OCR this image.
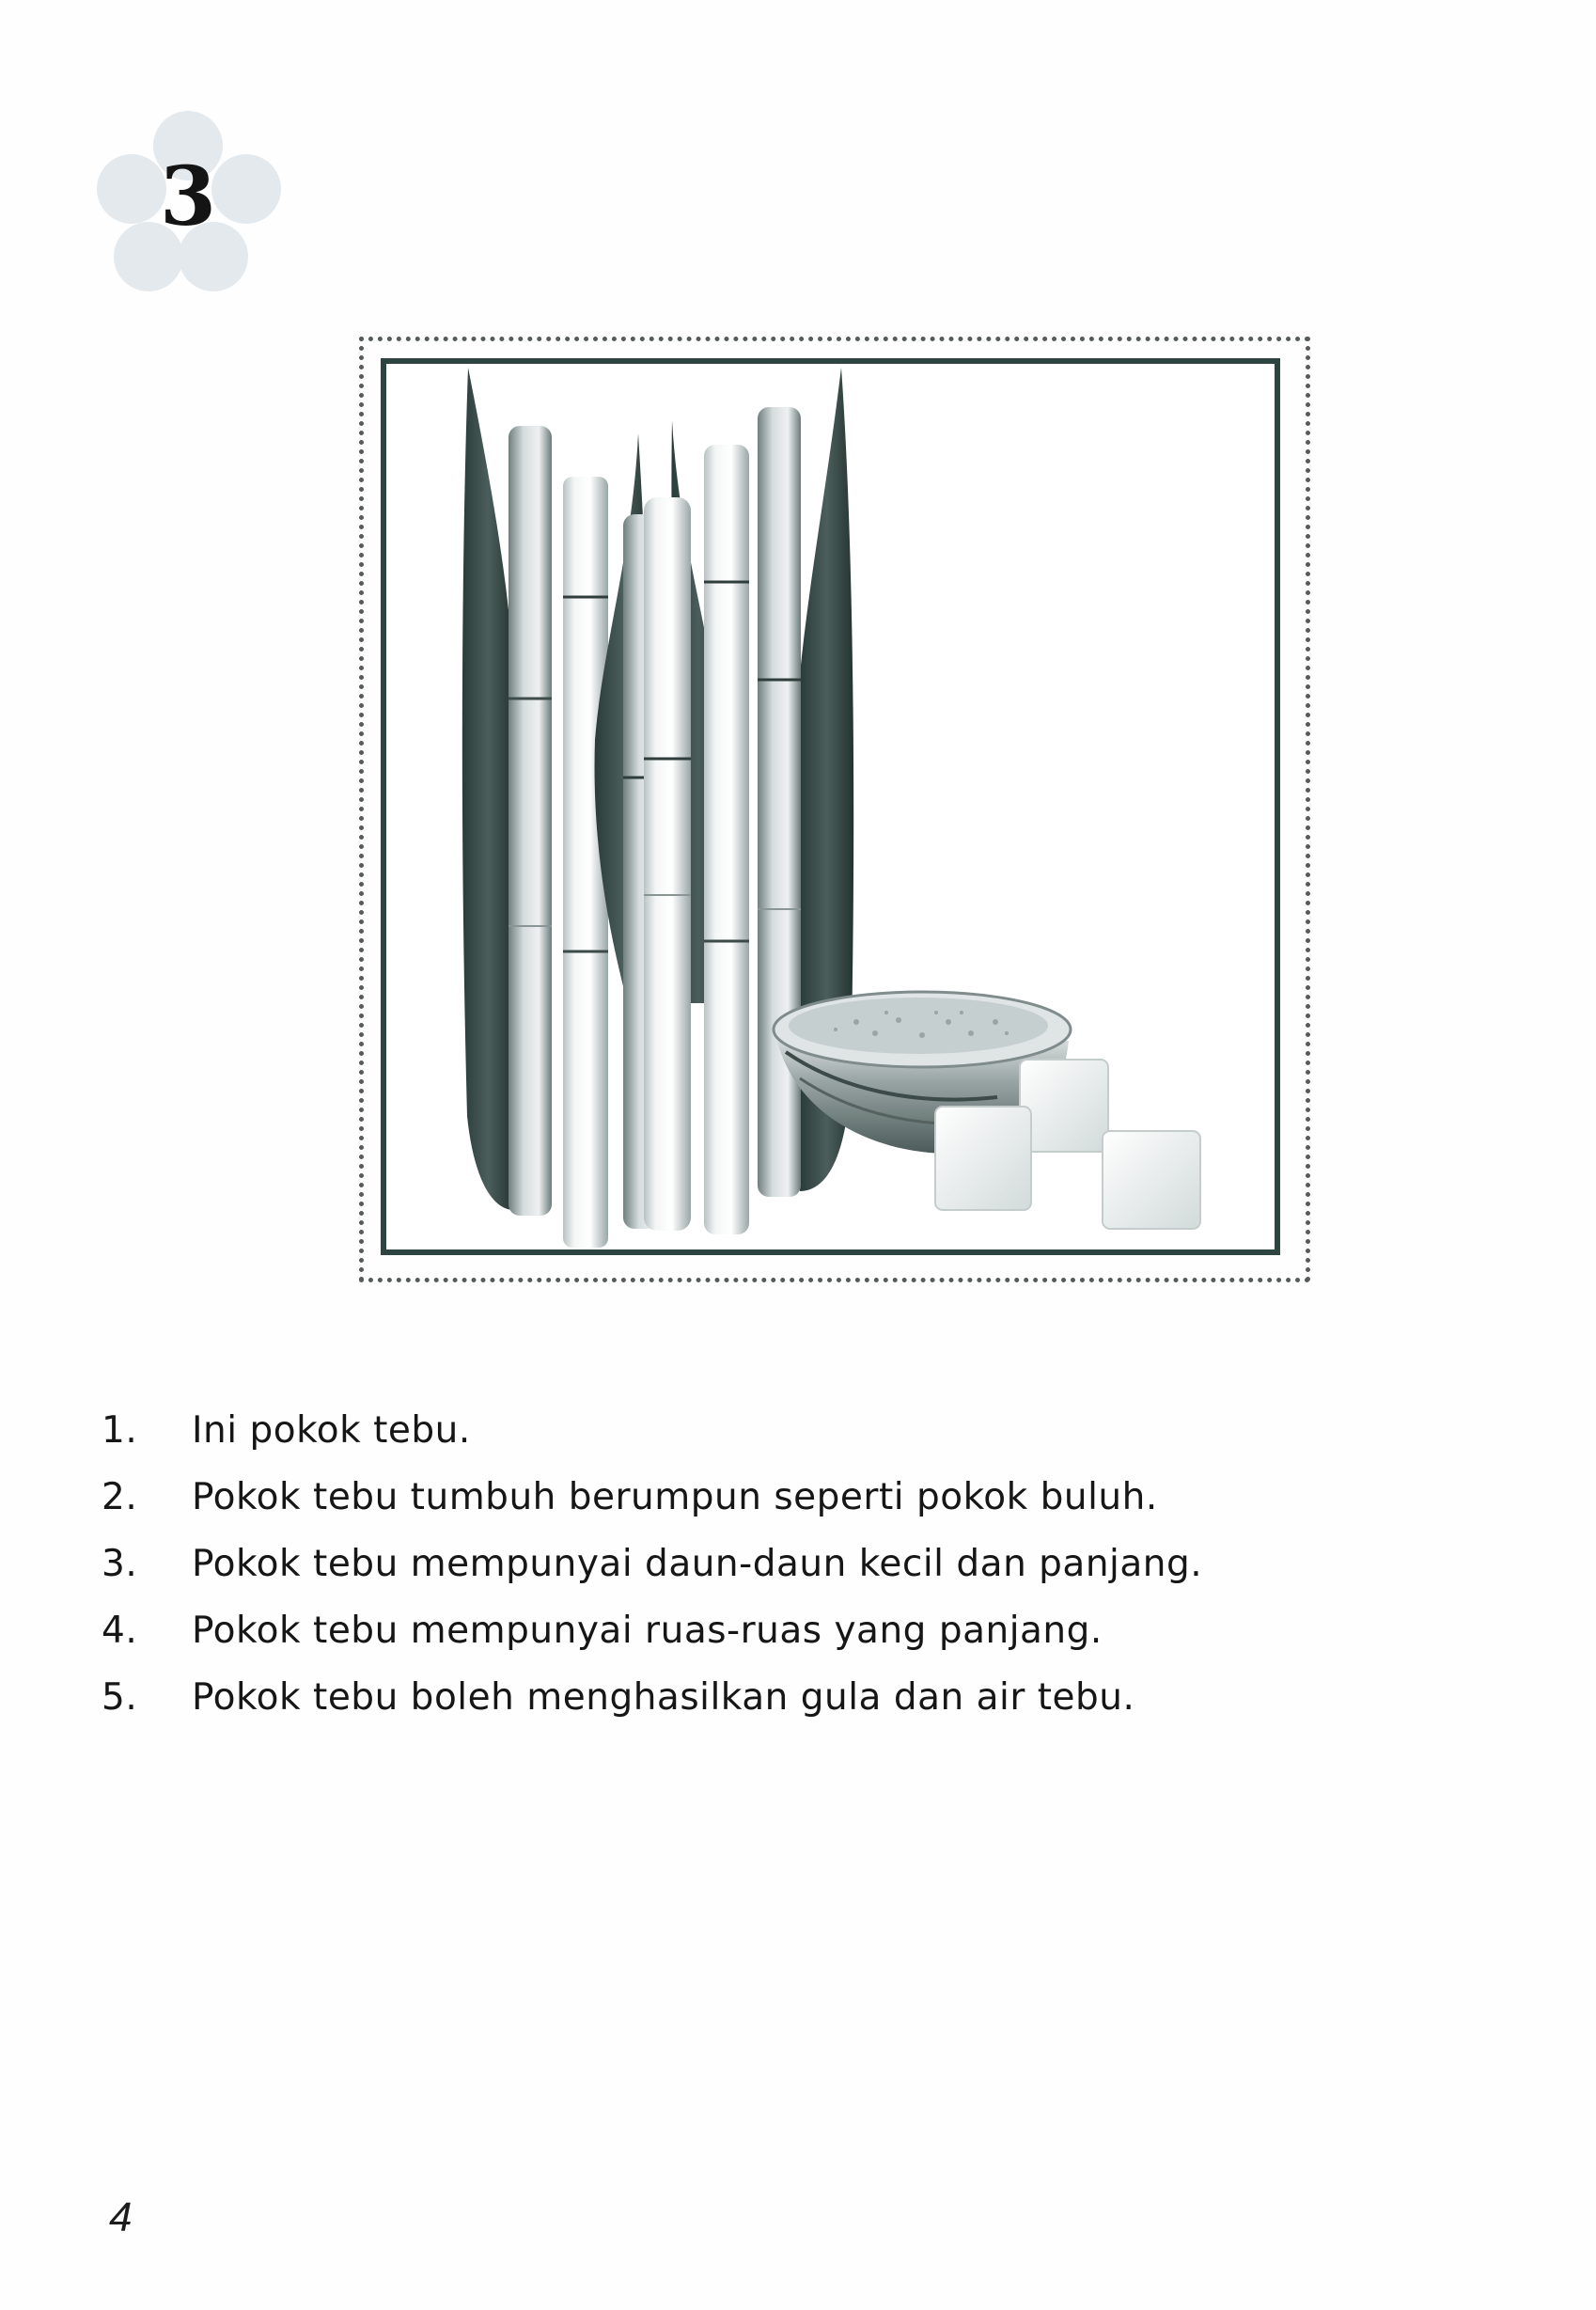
3
1.	Ini pokok tebu.
2.	Pokok tebu tumbuh berumpun seperti pokok buluh.
3.	Pokok tebu mempunyai daun-daun kecil dan panjang.
4.	Pokok tebu mempunyai ruas-ruas yang panjang.
5.	Pokok tebu boleh menghasilkan gula dan air tebu.
4
